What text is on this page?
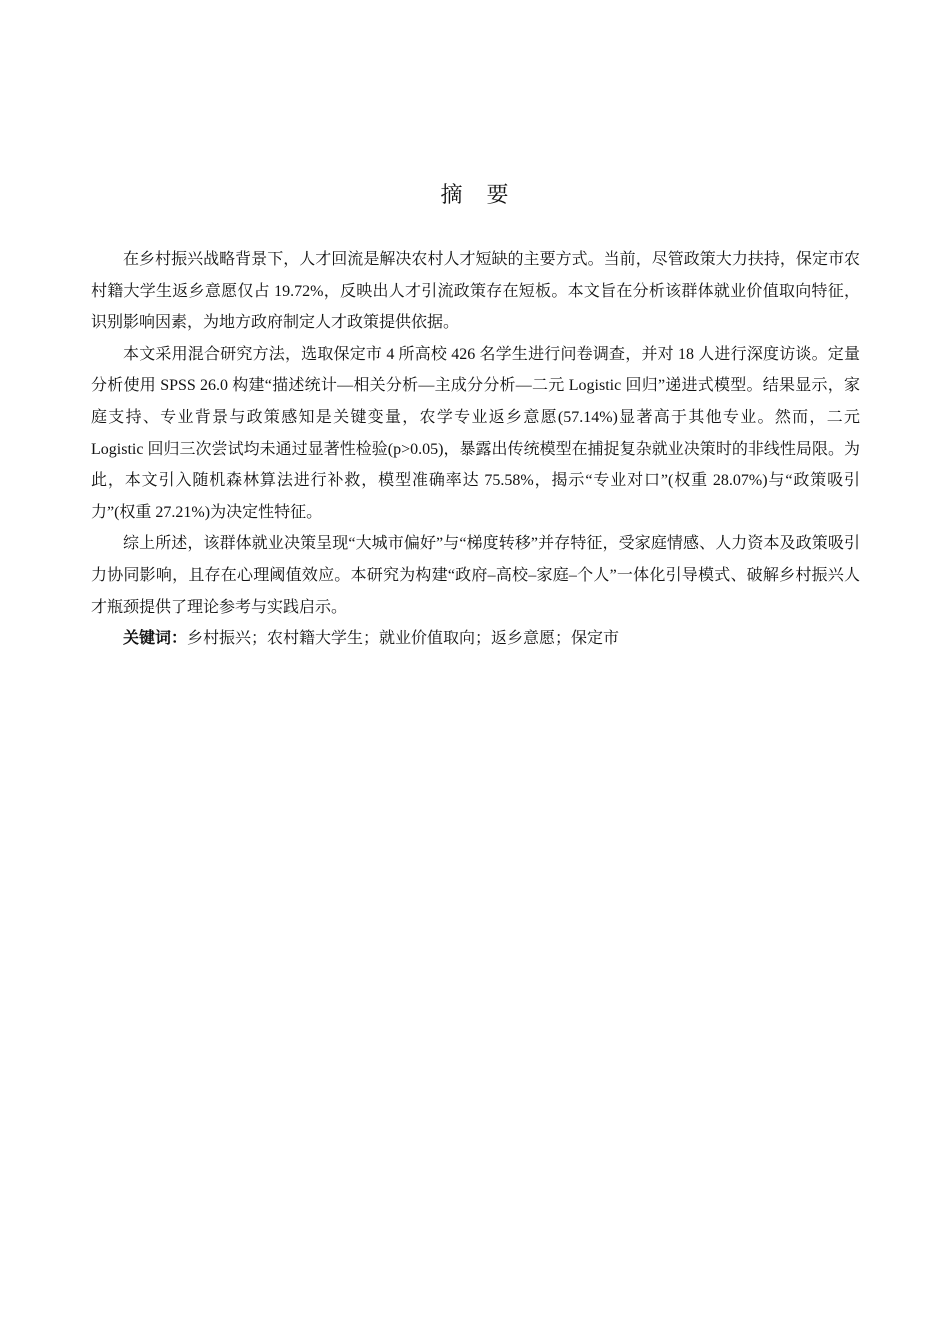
摘　要

在乡村振兴战略背景下，人才回流是解决农村人才短缺的主要方式。当前，尽管政策大力扶持，保定市农村籍大学生返乡意愿仅占 19.72%，反映出人才引流政策存在短板。本文旨在分析该群体就业价值取向特征，识别影响因素，为地方政府制定人才政策提供依据。

本文采用混合研究方法，选取保定市 4 所高校 426 名学生进行问卷调查，并对 18 人进行深度访谈。定量分析使用 SPSS 26.0 构建“描述统计—相关分析—主成分分析—二元 Logistic 回归”递进式模型。结果显示，家庭支持、专业背景与政策感知是关键变量，农学专业返乡意愿(57.14%)显著高于其他专业。然而，二元 Logistic 回归三次尝试均未通过显著性检验(p>0.05)，暴露出传统模型在捕捉复杂就业决策时的非线性局限。为此，本文引入随机森林算法进行补救，模型准确率达 75.58%，揭示“专业对口”(权重 28.07%)与“政策吸引力”(权重 27.21%)为决定性特征。

综上所述，该群体就业决策呈现“大城市偏好”与“梯度转移”并存特征，受家庭情感、人力资本及政策吸引力协同影响，且存在心理阈值效应。本研究为构建“政府–高校–家庭–个人”一体化引导模式、破解乡村振兴人才瓶颈提供了理论参考与实践启示。

关键词：乡村振兴；农村籍大学生；就业价值取向；返乡意愿；保定市
